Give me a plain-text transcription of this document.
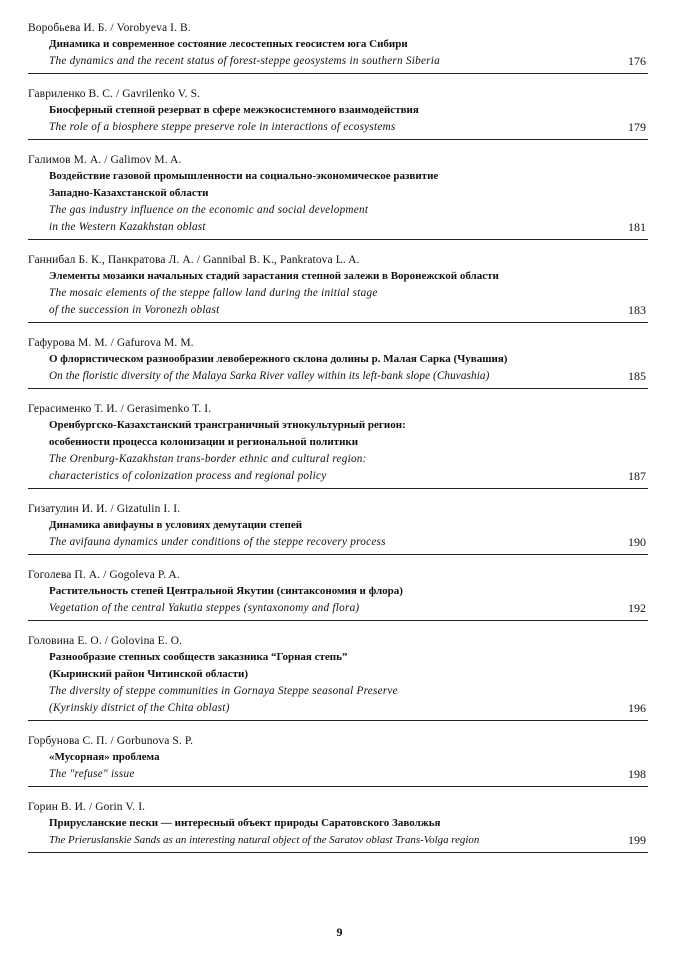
Воробьева И. Б. / Vorobyeva I. B.
Динамика и современное состояние лесостепных геосистем юга Сибири
The dynamics and the recent status of forest-steppe geosystems in southern Siberia	176
Гавриленко В. С. / Gavrilenko V. S.
Биосферный степной резерват в сфере межэкосистемного взаимодействия
The role of a biosphere steppe preserve role in interactions of ecosystems	179
Галимов М. А. / Galimov M. A.
Воздействие газовой промышленности на социально-экономическое развитие
Западно-Казахстанской области
The gas industry influence on the economic and social development
in the Western Kazakhstan oblast	181
Ганнибал Б. К., Панкратова Л. А. / Gannibal B. K., Pankratova L. A.
Элементы мозаики начальных стадий зарастания степной залежи в Воронежской области
The mosaic elements of the steppe fallow land during the initial stage
of the succession in Voronezh oblast	183
Гафурова М. М. / Gafurova M. M.
О флористическом разнообразии левобережного склона долины р. Малая Сарка (Чувашия)
On the floristic diversity of the Malaya Sarka River valley within its left-bank slope (Chuvashia)	185
Герасименко Т. И. / Gerasimenko T. I.
Оренбургско-Казахстанский трансграничный этнокультурный регион:
особенности процесса колонизации и региональной политики
The Orenburg-Kazakhstan trans-border ethnic and cultural region:
characteristics of colonization process and regional policy	187
Гизатулин И. И. / Gizatulin I. I.
Динамика авифауны в условиях демутации степей
The avifauna dynamics under conditions of the steppe recovery process	190
Гоголева П. А. / Gogoleva P. A.
Растительность степей Центральной Якутии (синтаксономия и флора)
Vegetation of the central Yakutia steppes (syntaxonomy and flora)	192
Головина Е. О. / Golovina E. O.
Разнообразие степных сообществ заказника “Горная степь”
(Кыринский район Читинской области)
The diversity of steppe communities in Gornaya Steppe seasonal Preserve
(Kyrinskiy district of the Chita oblast)	196
Горбунова С. П. / Gorbunova S. P.
«Мусорная» проблема
The "refuse" issue	198
Горин В. И. / Gorin V. I.
Прирусланские пески — интересный объект природы Саратовского Заволжья
The Prieruslanskie Sands as an interesting natural object of the Saratov oblast Trans-Volga region	199
9
